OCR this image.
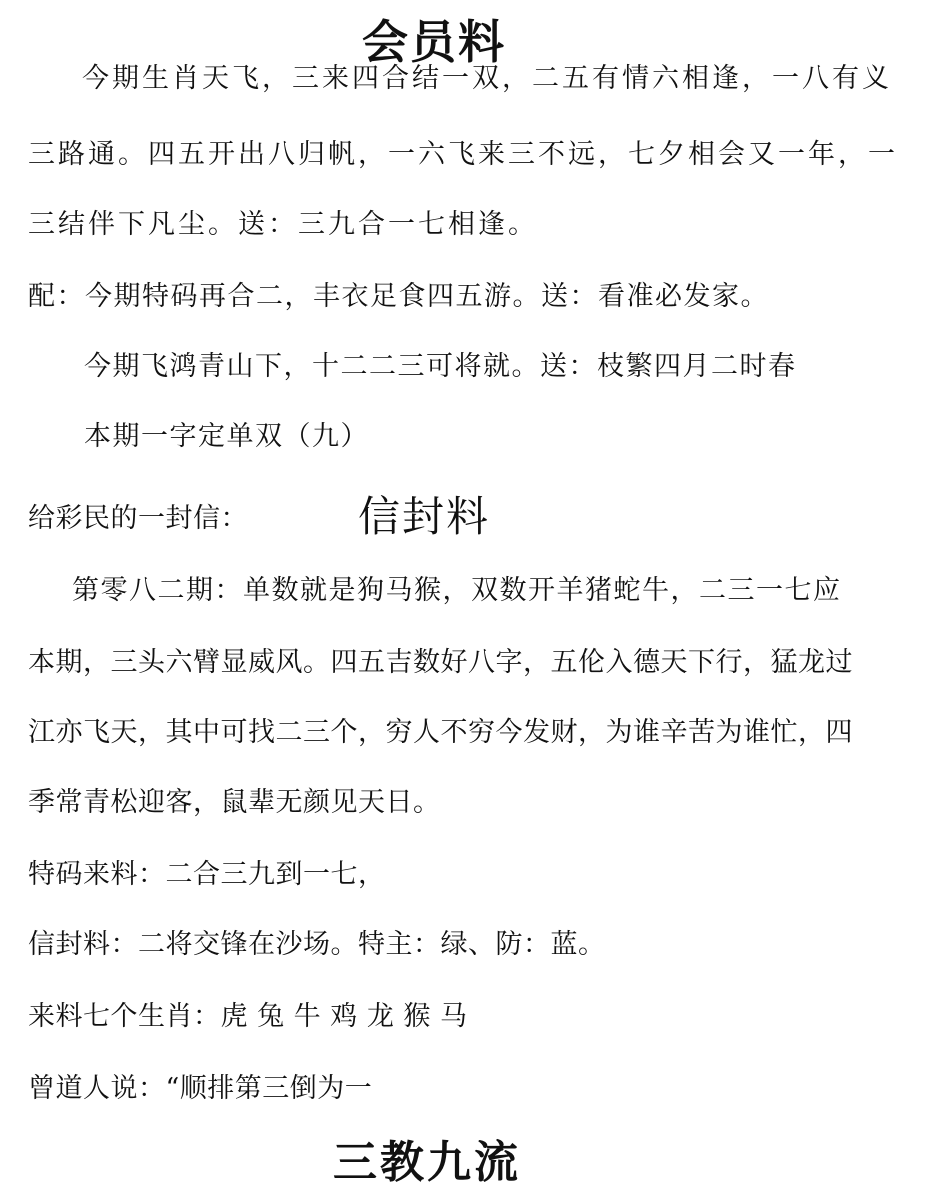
会员料

今期生肖天飞，三来四合结一双，二五有情六相逢，一八有义

三路通。四五开出八归帆，一六飞来三不远，七夕相会又一年，一

三结伴下凡尘。送：三九合一七相逢。

配：今期特码再合二，丰衣足食四五游。送：看准必发家。

今期飞鸿青山下，十二二三可将就。送：枝繁四月二时春

本期一字定单双（九）

给彩民的一封信：	信封料

第零八二期：单数就是狗马猴，双数开羊猪蛇牛，二三一七应

本期，三头六臂显威风。四五吉数好八字，五伦入德天下行，猛龙过

江亦飞天，其中可找二三个，穷人不穷今发财，为谁辛苦为谁忙，四

季常青松迎客，鼠辈无颜见天日。

特码来料：二合三九到一七，

信封料：二将交锋在沙场。特主：绿、防：蓝。

来料七个生肖：虎 兔 牛 鸡 龙 猴 马

曾道人说：“顺排第三倒为一

三教九流
